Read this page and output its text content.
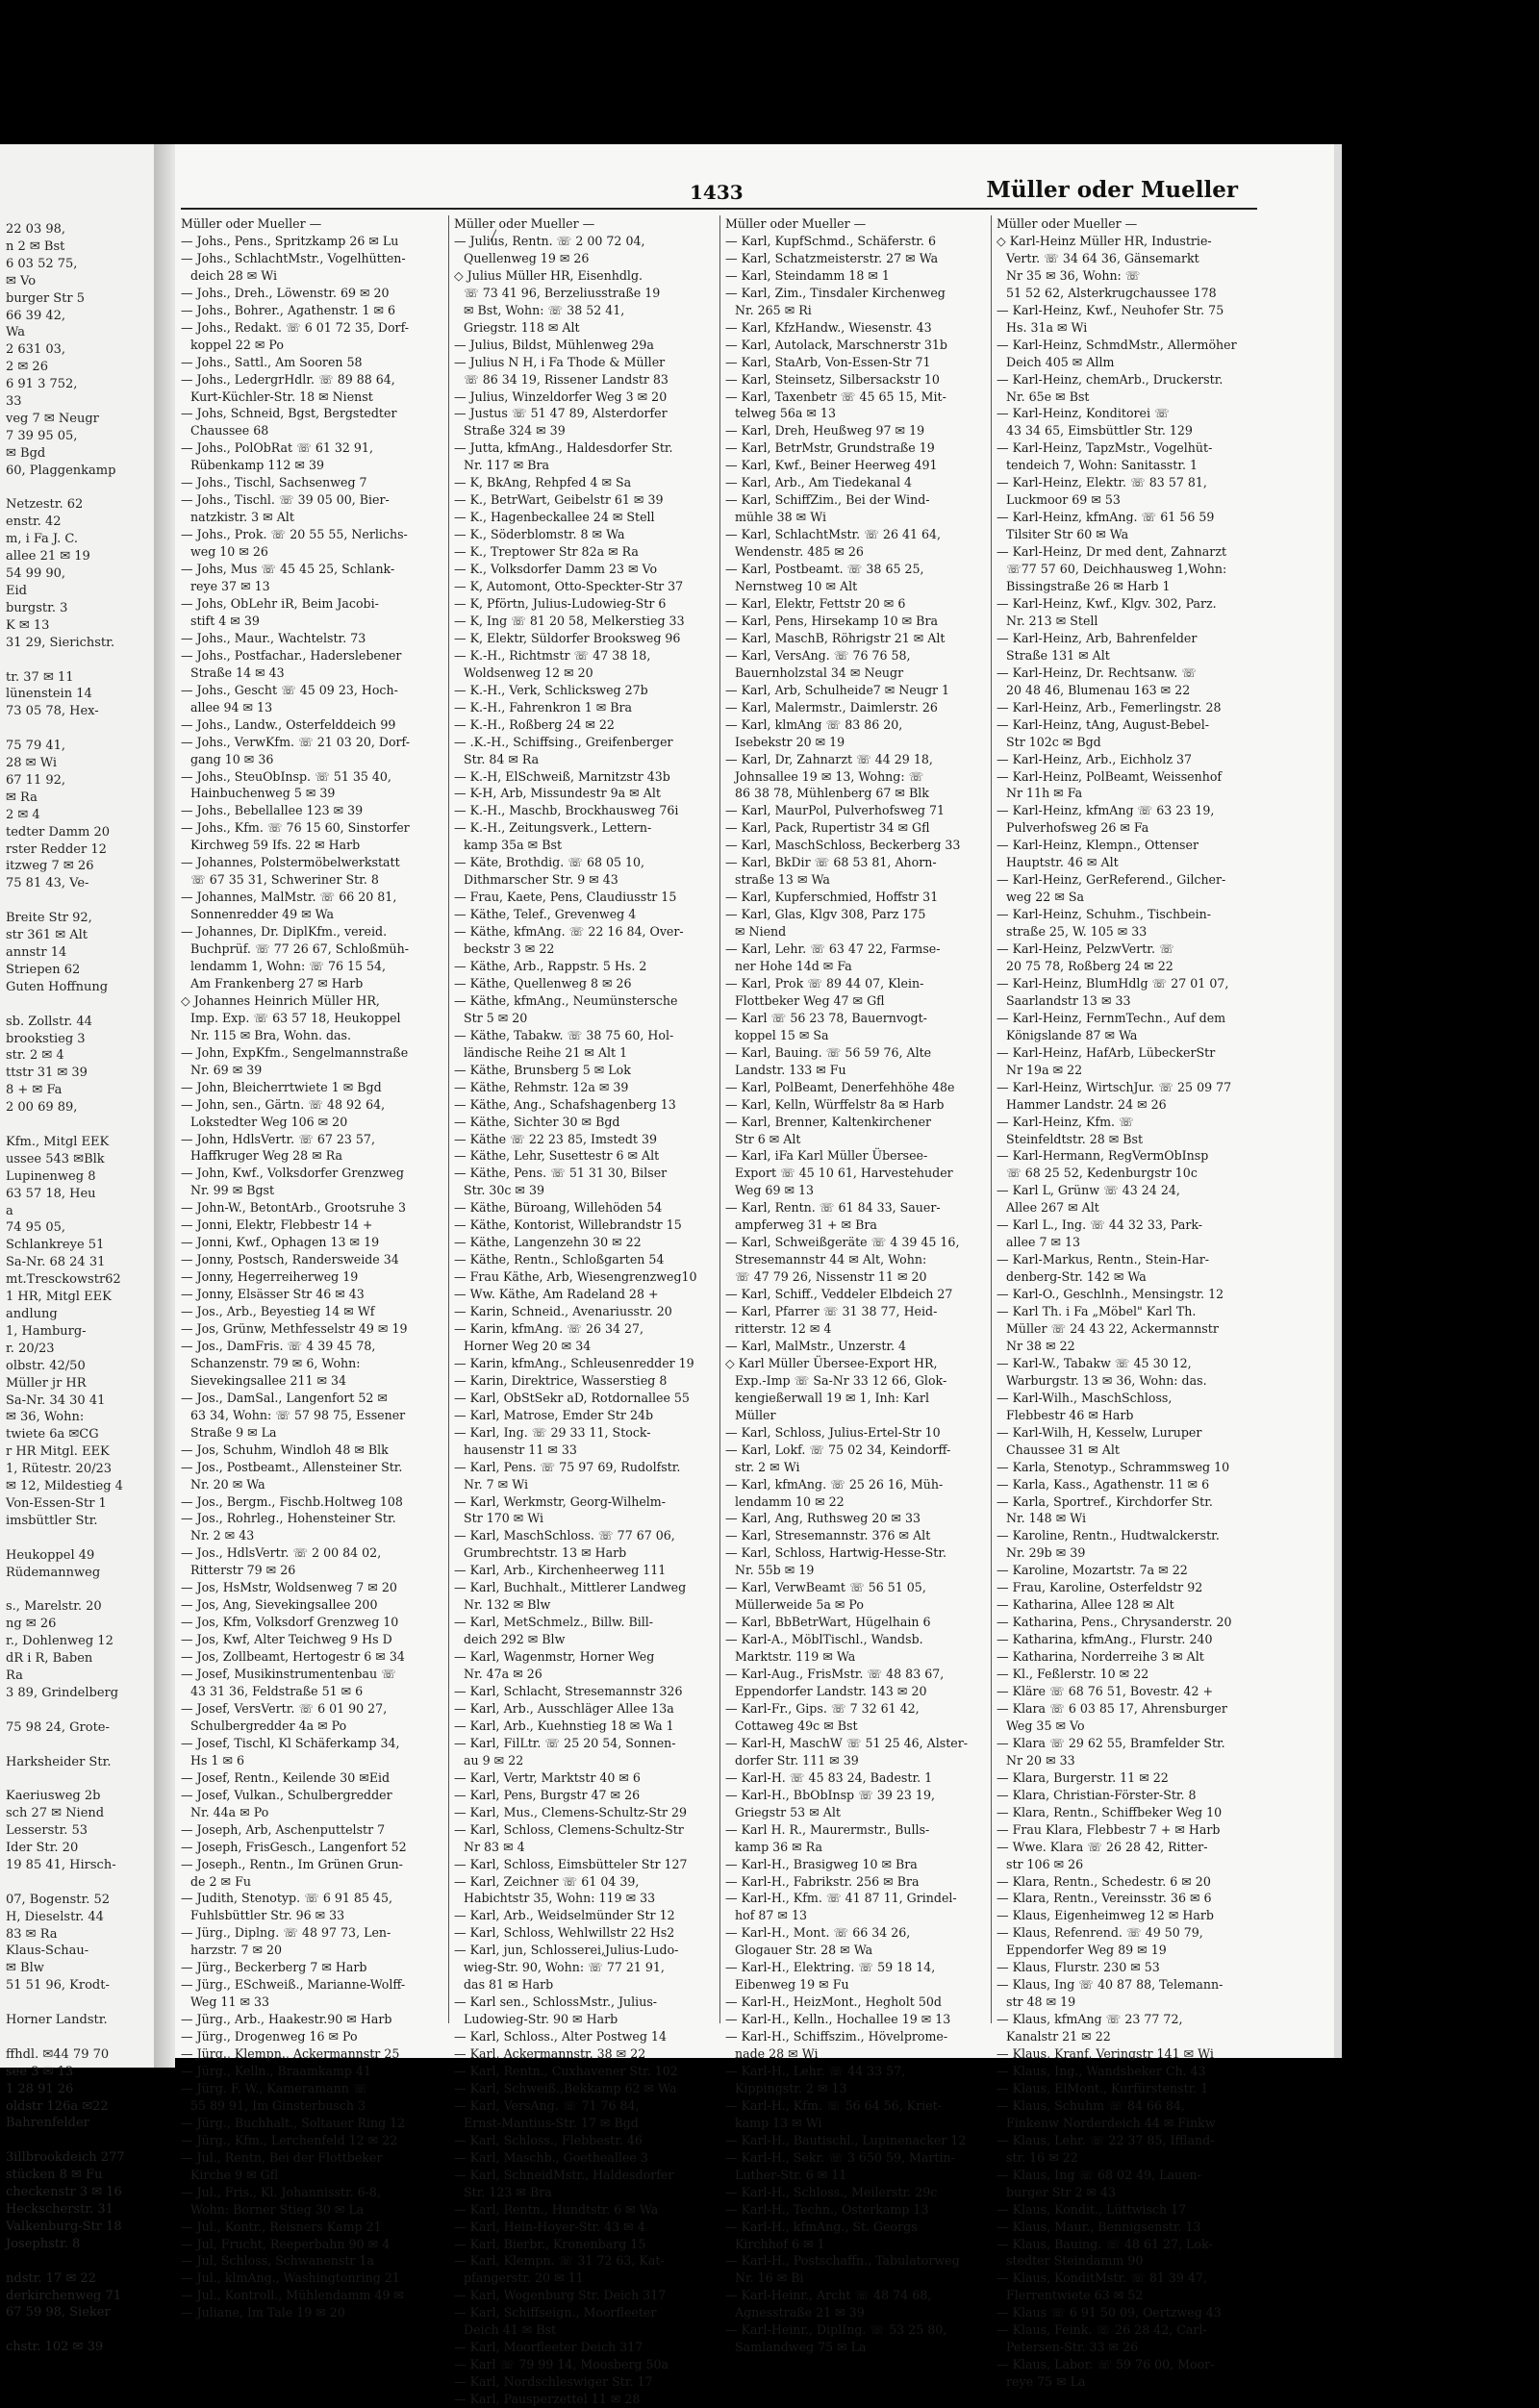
22 03 98,
n 2 ✉ Bst
6 03 52 75,
✉ Vo
burger Str 5
66 39 42,
Wa
2 631 03,
2 ✉ 26
6 91 3 752,
33
veg 7 ✉ Neugr
7 39 95 05,
✉ Bgd
60, Plaggenkamp
Netzestr. 62
enstr. 42
m, i Fa J. C.
allee 21 ✉ 19
54 99 90,
Eid
burgstr. 3
K ✉ 13
31 29, Sierichstr.
tr. 37 ✉ 11
lünenstein 14
73 05 78, Hex-
75 79 41,
28 ✉ Wi
67 11 92,
✉ Ra
2 ✉ 4
tedter Damm 20
rster Redder 12
itzweg 7 ✉ 26
75 81 43, Ve-
Breite Str 92,
str 361 ✉ Alt
annstr 14
Striepen 62
Guten Hoffnung
sb. Zollstr. 44
brookstieg 3
str. 2 ✉ 4
ttstr 31 ✉ 39
8 + ✉ Fa
2 00 69 89,
Kfm., Mitgl EEK
ussee 543 ✉Blk
Lupinenweg 8
63 57 18, Heu
a
74 95 05,
Schlankreye 51
Sa-Nr. 68 24 31
mt.Tresckowstr62
1 HR, Mitgl EEK
andlung
1, Hamburg-
r. 20/23
olbstr. 42/50
Müller jr HR
Sa-Nr. 34 30 41
✉ 36, Wohn:
twiete 6a ✉CG
r HR Mitgl. EEK
1, Rütestr. 20/23
✉ 12, Mildestieg 4
Von-Essen-Str 1
imsbüttler Str.
Heukoppel 49
Rüdemannweg
s., Marelstr. 20
ng ✉ 26
r., Dohlenweg 12
dR i R, Baben
Ra
3 89, Grindelberg
75 98 24, Grote-
Harksheider Str.
Kaeriusweg 2b
sch 27 ✉ Niend
Lesserstr. 53
Ider Str. 20
19 85 41, Hirsch-
07, Bogenstr. 52
H, Dieselstr. 44
83 ✉ Ra
Klaus-Schau-
✉ Blw
51 51 96, Krodt-
Horner Landstr.
ffhdl. ✉44 79 70
see 3 ✉ 13
1 28 91 26
oldstr 126a ✉22
Bahrenfelder
3illbrookdeich 277
stücken 8 ✉ Fu
checkenstr 3 ✉ 16
Heckscherstr. 31
Valkenburg-Str 18
Josephstr. 8
ndstr. 17 ✉ 22
derkirchenweg 71
67 59 98, Sieker
chstr. 102 ✉ 39
1433	Müller oder Mueller
Müller oder Mueller —
— Johs., Pens., Spritzkamp 26 ✉ Lu
— Johs., SchlachtMstr., Vogelhütten-
deich 28 ✉ Wi
— Johs., Dreh., Löwenstr. 69 ✉ 20
— Johs., Bohrer., Agathenstr. 1 ✉ 6
— Johs., Redakt. ☏ 6 01 72 35, Dorf-
koppel 22 ✉ Po
— Johs., Sattl., Am Sooren 58
— Johs., LedergrHdlr. ☏ 89 88 64,
Kurt-Küchler-Str. 18 ✉ Nienst
— Johs, Schneid, Bgst, Bergstedter
Chaussee 68
— Johs., PolObRat ☏ 61 32 91,
Rübenkamp 112 ✉ 39
— Johs., Tischl, Sachsenweg 7
— Johs., Tischl. ☏ 39 05 00, Bier-
natzkistr. 3 ✉ Alt
— Johs., Prok. ☏ 20 55 55, Nerlichs-
weg 10 ✉ 26
— Johs, Mus ☏ 45 45 25, Schlank-
reye 37 ✉ 13
— Johs, ObLehr iR, Beim Jacobi-
stift 4 ✉ 39
— Johs., Maur., Wachtelstr. 73
— Johs., Postfachar., Haderslebener
Straße 14 ✉ 43
— Johs., Gescht ☏ 45 09 23, Hoch-
allee 94 ✉ 13
— Johs., Landw., Osterfelddeich 99
— Johs., VerwKfm. ☏ 21 03 20, Dorf-
gang 10 ✉ 36
— Johs., SteuObInsp. ☏ 51 35 40,
Hainbuchenweg 5 ✉ 39
— Johs., Bebellallee 123 ✉ 39
— Johs., Kfm. ☏ 76 15 60, Sinstorfer
Kirchweg 59 Ifs. 22 ✉ Harb
— Johannes, Polstermöbelwerkstatt
☏ 67 35 31, Schweriner Str. 8
— Johannes, MalMstr. ☏ 66 20 81,
Sonnenredder 49 ✉ Wa
— Johannes, Dr. DiplKfm., vereid.
Buchprüf. ☏ 77 26 67, Schloßmüh-
lendamm 1, Wohn: ☏ 76 15 54,
Am Frankenberg 27 ✉ Harb
◇ Johannes Heinrich Müller HR,
Imp. Exp. ☏ 63 57 18, Heukoppel
Nr. 115 ✉ Bra, Wohn. das.
— John, ExpKfm., Sengelmannstraße
Nr. 69 ✉ 39
— John, Bleicherrtwiete 1 ✉ Bgd
— John, sen., Gärtn. ☏ 48 92 64,
Lokstedter Weg 106 ✉ 20
— John, HdlsVertr. ☏ 67 23 57,
Haffkruger Weg 28 ✉ Ra
— John, Kwf., Volksdorfer Grenzweg
Nr. 99 ✉ Bgst
— John-W., BetontArb., Grootsruhe 3
— Jonni, Elektr, Flebbestr 14 +
— Jonni, Kwf., Ophagen 13 ✉ 19
— Jonny, Postsch, Randersweide 34
— Jonny, Hegerreiherweg 19
— Jonny, Elsässer Str 46 ✉ 43
— Jos., Arb., Beyestieg 14 ✉ Wf
— Jos, Grünw, Methfesselstr 49 ✉ 19
— Jos., DamFris. ☏ 4 39 45 78,
Schanzenstr. 79 ✉ 6, Wohn:
Sievekingsallee 211 ✉ 34
— Jos., DamSal., Langenfort 52 ✉
63 34, Wohn: ☏ 57 98 75, Essener
Straße 9 ✉ La
— Jos, Schuhm, Windloh 48 ✉ Blk
— Jos., Postbeamt., Allensteiner Str.
Nr. 20 ✉ Wa
— Jos., Bergm., Fischb.Holtweg 108
— Jos., Rohrleg., Hohensteiner Str.
Nr. 2 ✉ 43
— Jos., HdlsVertr. ☏ 2 00 84 02,
Ritterstr 79 ✉ 26
— Jos, HsMstr, Woldsenweg 7 ✉ 20
— Jos, Ang, Sievekingsallee 200
— Jos, Kfm, Volksdorf Grenzweg 10
— Jos, Kwf, Alter Teichweg 9 Hs D
— Jos, Zollbeamt, Hertogestr 6 ✉ 34
— Josef, Musikinstrumentenbau ☏
43 31 36, Feldstraße 51 ✉ 6
— Josef, VersVertr. ☏ 6 01 90 27,
Schulbergredder 4a ✉ Po
— Josef, Tischl, Kl Schäferkamp 34,
Hs 1 ✉ 6
— Josef, Rentn., Keilende 30 ✉Eid
— Josef, Vulkan., Schulbergredder
Nr. 44a ✉ Po
— Joseph, Arb, Aschenputtelstr 7
— Joseph, FrisGesch., Langenfort 52
— Joseph., Rentn., Im Grünen Grun-
de 2 ✉ Fu
— Judith, Stenotyp. ☏ 6 91 85 45,
Fuhlsbüttler Str. 96 ✉ 33
— Jürg., Diplng. ☏ 48 97 73, Len-
harzstr. 7 ✉ 20
— Jürg., Beckerberg 7 ✉ Harb
— Jürg., ESchweiß., Marianne-Wolff-
Weg 11 ✉ 33
— Jürg., Arb., Haakestr.90 ✉ Harb
— Jürg., Drogenweg 16 ✉ Po
— Jürg., Klempn., Ackermannstr 25
— Jürg., Kelln., Braamkamp 41
— Jürg. F. W., Kameramann ☏
55 89 91, Im Ginsterbusch 3
— Jürg., Buchhalt., Soltauer Ring 12
— Jürg., Kfm., Lerchenfeld 12 ✉ 22
— Jul., Rentn, Bei der Flottbeker
Kirche 9 ✉ Gfl
— Jul., Fris., Kl. Johannisstr. 6-8,
Wohn: Borner Stieg 30 ✉ La
— Jul., Kontr., Reisners Kamp 21
— Jul, Frucht, Reeperbahn 90 ✉ 4
— Jul, Schloss, Schwanenstr 1a
— Jul., klmAng., Washingtonring 21
— Jul., Kontroll., Mühlendamm 49 ✉
— Juliane, Im Tale 19 ✉ 20
Müller oder Mueller —
— Julius, Rentn. ☏ 2 00 72 04,
Quellenweg 19 ✉ 26
◇ Julius Müller HR, Eisenhdlg.
☏ 73 41 96, Berzeliusstraße 19
✉ Bst, Wohn: ☏ 38 52 41,
Griegstr. 118 ✉ Alt
— Julius, Bildst, Mühlenweg 29a
— Julius N H, i Fa Thode & Müller
☏ 86 34 19, Rissener Landstr 83
— Julius, Winzeldorfer Weg 3 ✉ 20
— Justus ☏ 51 47 89, Alsterdorfer
Straße 324 ✉ 39
— Jutta, kfmAng., Haldesdorfer Str.
Nr. 117 ✉ Bra
— K, BkAng, Rehpfed 4 ✉ Sa
— K., BetrWart, Geibelstr 61 ✉ 39
— K., Hagenbeckallee 24 ✉ Stell
— K., Söderblomstr. 8 ✉ Wa
— K., Treptower Str 82a ✉ Ra
— K., Volksdorfer Damm 23 ✉ Vo
— K, Automont, Otto-Speckter-Str 37
— K, Pförtn, Julius-Ludowieg-Str 6
— K, Ing ☏ 81 20 58, Melkerstieg 33
— K, Elektr, Süldorfer Brooksweg 96
— K.-H., Richtmstr ☏ 47 38 18,
Woldsenweg 12 ✉ 20
— K.-H., Verk, Schlicksweg 27b
— K.-H., Fahrenkron 1 ✉ Bra
— K.-H., Roßberg 24 ✉ 22
— .K.-H., Schiffsing., Greifenberger
Str. 84 ✉ Ra
— K.-H, ElSchweiß, Marnitzstr 43b
— K-H, Arb, Missundestr 9a ✉ Alt
— K.-H., Maschb, Brockhausweg 76i
— K.-H., Zeitungsverk., Lettern-
kamp 35a ✉ Bst
— Käte, Brothdig. ☏ 68 05 10,
Dithmarscher Str. 9 ✉ 43
— Frau, Kaete, Pens, Claudiusstr 15
— Käthe, Telef., Grevenweg 4
— Käthe, kfmAng. ☏ 22 16 84, Over-
beckstr 3 ✉ 22
— Käthe, Arb., Rappstr. 5 Hs. 2
— Käthe, Quellenweg 8 ✉ 26
— Käthe, kfmAng., Neumünstersche
Str 5 ✉ 20
— Käthe, Tabakw. ☏ 38 75 60, Hol-
ländische Reihe 21 ✉ Alt 1
— Käthe, Brunsberg 5 ✉ Lok
— Käthe, Rehmstr. 12a ✉ 39
— Käthe, Ang., Schafshagenberg 13
— Käthe, Sichter 30 ✉ Bgd
— Käthe ☏ 22 23 85, Imstedt 39
— Käthe, Lehr, Susettestr 6 ✉ Alt
— Käthe, Pens. ☏ 51 31 30, Bilser
Str. 30c ✉ 39
— Käthe, Büroang, Willehöden 54
— Käthe, Kontorist, Willebrandstr 15
— Käthe, Langenzehn 30 ✉ 22
— Käthe, Rentn., Schloßgarten 54
— Frau Käthe, Arb, Wiesengrenzweg10
— Ww. Käthe, Am Radeland 28 +
— Karin, Schneid., Avenariusstr. 20
— Karin, kfmAng. ☏ 26 34 27,
Horner Weg 20 ✉ 34
— Karin, kfmAng., Schleusenredder 19
— Karin, Direktrice, Wasserstieg 8
— Karl, ObStSekr aD, Rotdornallee 55
— Karl, Matrose, Emder Str 24b
— Karl, Ing. ☏ 29 33 11, Stock-
hausenstr 11 ✉ 33
— Karl, Pens. ☏ 75 97 69, Rudolfstr.
Nr. 7 ✉ Wi
— Karl, Werkmstr, Georg-Wilhelm-
Str 170 ✉ Wi
— Karl, MaschSchloss. ☏ 77 67 06,
Grumbrechtstr. 13 ✉ Harb
— Karl, Arb., Kirchenheerweg 111
— Karl, Buchhalt., Mittlerer Landweg
Nr. 132 ✉ Blw
— Karl, MetSchmelz., Billw. Bill-
deich 292 ✉ Blw
— Karl, Wagenmstr, Horner Weg
Nr. 47a ✉ 26
— Karl, Schlacht, Stresemannstr 326
— Karl, Arb., Ausschläger Allee 13a
— Karl, Arb., Kuehnstieg 18 ✉ Wa 1
— Karl, FilLtr. ☏ 25 20 54, Sonnen-
au 9 ✉ 22
— Karl, Vertr, Marktstr 40 ✉ 6
— Karl, Pens, Burgstr 47 ✉ 26
— Karl, Mus., Clemens-Schultz-Str 29
— Karl, Schloss, Clemens-Schultz-Str
Nr 83 ✉ 4
— Karl, Schloss, Eimsbütteler Str 127
— Karl, Zeichner ☏ 61 04 39,
Habichtstr 35, Wohn: 119 ✉ 33
— Karl, Arb., Weidselmünder Str 12
— Karl, Schloss, Wehlwillstr 22 Hs2
— Karl, jun, Schlosserei,Julius-Ludo-
wieg-Str. 90, Wohn: ☏ 77 21 91,
das 81 ✉ Harb
— Karl sen., SchlossMstr., Julius-
Ludowieg-Str. 90 ✉ Harb
— Karl, Schloss., Alter Postweg 14
— Karl, Ackermannstr. 38 ✉ 22
— Karl, Rentn., Cuxhavener Str. 102
— Karl, Schweiß.,Bekkamp 62 ✉ Wa
— Karl, VersAng. ☏ 71 76 84,
Ernst-Mantius-Str. 17 ✉ Bgd
— Karl, Schloss., Flebbestr. 46
— Karl, Maschb., Goetheallee 3
— Karl, SchneidMstr., Haldesdorfer
Str. 123 ✉ Bra
— Karl, Rentn., Hundtstr. 6 ✉ Wa
— Karl, Hein-Hoyer-Str. 43 ✉ 4
— Karl, Bierbr., Kronenbarg 15
— Karl, Klempn. ☏ 31 72 63, Kat-
pfangerstr. 20 ✉ 11
— Karl, Wogenburg Str. Deich 317
— Karl, Schiffseign., Moorfleeter
Deich 41 ✉ Bst
— Karl, Moorfleeter Deich 317
— Karl ☏ 79 99 14, Moosberg 50a
— Karl, Nordschleswiger Str. 17
— Karl, Pausperzettel 11 ✉ 28
Müller oder Mueller —
— Karl, KupfSchmd., Schäferstr. 6
— Karl, Schatzmeisterstr. 27 ✉ Wa
— Karl, Steindamm 18 ✉ 1
— Karl, Zim., Tinsdaler Kirchenweg
Nr. 265 ✉ Ri
— Karl, KfzHandw., Wiesenstr. 43
— Karl, Autolack, Marschnerstr 31b
— Karl, StaArb, Von-Essen-Str 71
— Karl, Steinsetz, Silbersackstr 10
— Karl, Taxenbetr ☏ 45 65 15, Mit-
telweg 56a ✉ 13
— Karl, Dreh, Heußweg 97 ✉ 19
— Karl, BetrMstr, Grundstraße 19
— Karl, Kwf., Beiner Heerweg 491
— Karl, Arb., Am Tiedekanal 4
— Karl, SchiffZim., Bei der Wind-
mühle 38 ✉ Wi
— Karl, SchlachtMstr. ☏ 26 41 64,
Wendenstr. 485 ✉ 26
— Karl, Postbeamt. ☏ 38 65 25,
Nernstweg 10 ✉ Alt
— Karl, Elektr, Fettstr 20 ✉ 6
— Karl, Pens, Hirsekamp 10 ✉ Bra
— Karl, MaschB, Röhrigstr 21 ✉ Alt
— Karl, VersAng. ☏ 76 76 58,
Bauernholzstal 34 ✉ Neugr
— Karl, Arb, Schulheide7 ✉ Neugr 1
— Karl, Malermstr., Daimlerstr. 26
— Karl, klmAng ☏ 83 86 20,
Isebekstr 20 ✉ 19
— Karl, Dr, Zahnarzt ☏ 44 29 18,
Johnsallee 19 ✉ 13, Wohng: ☏
86 38 78, Mühlenberg 67 ✉ Blk
— Karl, MaurPol, Pulverhofsweg 71
— Karl, Pack, Rupertistr 34 ✉ Gfl
— Karl, MaschSchloss, Beckerberg 33
— Karl, BkDir ☏ 68 53 81, Ahorn-
straße 13 ✉ Wa
— Karl, Kupferschmied, Hoffstr 31
— Karl, Glas, Klgv 308, Parz 175
✉ Niend
— Karl, Lehr. ☏ 63 47 22, Farmse-
ner Hohe 14d ✉ Fa
— Karl, Prok ☏ 89 44 07, Klein-
Flottbeker Weg 47 ✉ Gfl
— Karl ☏ 56 23 78, Bauernvogt-
koppel 15 ✉ Sa
— Karl, Bauing. ☏ 56 59 76, Alte
Landstr. 133 ✉ Fu
— Karl, PolBeamt, Denerfehhöhe 48e
— Karl, Kelln, Würffelstr 8a ✉ Harb
— Karl, Brenner, Kaltenkirchener
Str 6 ✉ Alt
— Karl, iFa Karl Müller Übersee-
Export ☏ 45 10 61, Harvestehuder
Weg 69 ✉ 13
— Karl, Rentn. ☏ 61 84 33, Sauer-
ampferweg 31 + ✉ Bra
— Karl, Schweißgeräte ☏ 4 39 45 16,
Stresemannstr 44 ✉ Alt, Wohn:
☏ 47 79 26, Nissenstr 11 ✉ 20
— Karl, Schiff., Veddeler Elbdeich 27
— Karl, Pfarrer ☏ 31 38 77, Heid-
ritterstr. 12 ✉ 4
— Karl, MalMstr., Unzerstr. 4
◇ Karl Müller Übersee-Export HR,
Exp.-Imp ☏ Sa-Nr 33 12 66, Glok-
kengießerwall 19 ✉ 1, Inh: Karl
Müller
— Karl, Schloss, Julius-Ertel-Str 10
— Karl, Lokf. ☏ 75 02 34, Keindorff-
str. 2 ✉ Wi
— Karl, kfmAng. ☏ 25 26 16, Müh-
lendamm 10 ✉ 22
— Karl, Ang, Ruthsweg 20 ✉ 33
— Karl, Stresemannstr. 376 ✉ Alt
— Karl, Schloss, Hartwig-Hesse-Str.
Nr. 55b ✉ 19
— Karl, VerwBeamt ☏ 56 51 05,
Müllerweide 5a ✉ Po
— Karl, BbBetrWart, Hügelhain 6
— Karl-A., MöblTischl., Wandsb.
Marktstr. 119 ✉ Wa
— Karl-Aug., FrisMstr. ☏ 48 83 67,
Eppendorfer Landstr. 143 ✉ 20
— Karl-Fr., Gips. ☏ 7 32 61 42,
Cottaweg 49c ✉ Bst
— Karl-H, MaschW ☏ 51 25 46, Alster-
dorfer Str. 111 ✉ 39
— Karl-H. ☏ 45 83 24, Badestr. 1
— Karl-H., BbObInsp ☏ 39 23 19,
Griegstr 53 ✉ Alt
— Karl H. R., Maurermstr., Bulls-
kamp 36 ✉ Ra
— Karl-H., Brasigweg 10 ✉ Bra
— Karl-H., Fabrikstr. 256 ✉ Bra
— Karl-H., Kfm. ☏ 41 87 11, Grindel-
hof 87 ✉ 13
— Karl-H., Mont. ☏ 66 34 26,
Glogauer Str. 28 ✉ Wa
— Karl-H., Elektring. ☏ 59 18 14,
Eibenweg 19 ✉ Fu
— Karl-H., HeizMont., Hegholt 50d
— Karl-H., Kelln., Hochallee 19 ✉ 13
— Karl-H., Schiffszim., Hövelprome-
nade 28 ✉ Wi
— Karl-H., Lehr. ☏ 44 33 57,
Kippingstr. 2 ✉ 13
— Karl-H., Kfm. ☏ 56 64 56, Kriet-
kamp 13 ✉ Wi
— Karl-H., Bautischl., Lupinenacker 12
— Karl-H., Sekr. ☏ 3 650 59, Martin-
Luther-Str. 6 ✉ 11
— Karl-H., Schloss., Meilerstr. 29c
— Karl-H., Techn., Osterkamp 13
— Karl-H., kfmAng., St. Georgs
Kirchhof 6 ✉ 1
— Karl-H., Postschaffn., Tabulatorweg
Nr. 16 ✉ Bi
— Karl-Heinr., Archt ☏ 48 74 68,
Agnesstraße 21 ✉ 39
— Karl-Heinr., DiplIng. ☏ 53 25 80,
Samlandweg 75 ✉ La
Müller oder Mueller —
◇ Karl-Heinz Müller HR, Industrie-
Vertr. ☏ 34 64 36, Gänsemarkt
Nr 35 ✉ 36, Wohn: ☏
51 52 62, Alsterkrugchaussee 178
— Karl-Heinz, Kwf., Neuhofer Str. 75
Hs. 31a ✉ Wi
— Karl-Heinz, SchmdMstr., Allermöher
Deich 405 ✉ Allm
— Karl-Heinz, chemArb., Druckerstr.
Nr. 65e ✉ Bst
— Karl-Heinz, Konditorei ☏
43 34 65, Eimsbüttler Str. 129
— Karl-Heinz, TapzMstr., Vogelhüt-
tendeich 7, Wohn: Sanitasstr. 1
— Karl-Heinz, Elektr. ☏ 83 57 81,
Luckmoor 69 ✉ 53
— Karl-Heinz, kfmAng. ☏ 61 56 59
Tilsiter Str 60 ✉ Wa
— Karl-Heinz, Dr med dent, Zahnarzt
☏77 57 60, Deichhausweg 1,Wohn:
Bissingstraße 26 ✉ Harb 1
— Karl-Heinz, Kwf., Klgv. 302, Parz.
Nr. 213 ✉ Stell
— Karl-Heinz, Arb, Bahrenfelder
Straße 131 ✉ Alt
— Karl-Heinz, Dr. Rechtsanw. ☏
20 48 46, Blumenau 163 ✉ 22
— Karl-Heinz, Arb., Femerlingstr. 28
— Karl-Heinz, tAng, August-Bebel-
Str 102c ✉ Bgd
— Karl-Heinz, Arb., Eichholz 37
— Karl-Heinz, PolBeamt, Weissenhof
Nr 11h ✉ Fa
— Karl-Heinz, kfmAng ☏ 63 23 19,
Pulverhofsweg 26 ✉ Fa
— Karl-Heinz, Klempn., Ottenser
Hauptstr. 46 ✉ Alt
— Karl-Heinz, GerReferend., Gilcher-
weg 22 ✉ Sa
— Karl-Heinz, Schuhm., Tischbein-
straße 25, W. 105 ✉ 33
— Karl-Heinz, PelzwVertr. ☏
20 75 78, Roßberg 24 ✉ 22
— Karl-Heinz, BlumHdlg ☏ 27 01 07,
Saarlandstr 13 ✉ 33
— Karl-Heinz, FernmTechn., Auf dem
Königslande 87 ✉ Wa
— Karl-Heinz, HafArb, LübeckerStr
Nr 19a ✉ 22
— Karl-Heinz, WirtschJur. ☏ 25 09 77
Hammer Landstr. 24 ✉ 26
— Karl-Heinz, Kfm. ☏
Steinfeldtstr. 28 ✉ Bst
— Karl-Hermann, RegVermObInsp
☏ 68 25 52, Kedenburgstr 10c
— Karl L, Grünw ☏ 43 24 24,
Allee 267 ✉ Alt
— Karl L., Ing. ☏ 44 32 33, Park-
allee 7 ✉ 13
— Karl-Markus, Rentn., Stein-Har-
denberg-Str. 142 ✉ Wa
— Karl-O., Geschlnh., Mensingstr. 12
— Karl Th. i Fa „Möbel" Karl Th.
Müller ☏ 24 43 22, Ackermannstr
Nr 38 ✉ 22
— Karl-W., Tabakw ☏ 45 30 12,
Warburgstr. 13 ✉ 36, Wohn: das.
— Karl-Wilh., MaschSchloss,
Flebbestr 46 ✉ Harb
— Karl-Wilh, H, Kesselw, Luruper
Chaussee 31 ✉ Alt
— Karla, Stenotyp., Schrammsweg 10
— Karla, Kass., Agathenstr. 11 ✉ 6
— Karla, Sportref., Kirchdorfer Str.
Nr. 148 ✉ Wi
— Karoline, Rentn., Hudtwalckerstr.
Nr. 29b ✉ 39
— Karoline, Mozartstr. 7a ✉ 22
— Frau, Karoline, Osterfeldstr 92
— Katharina, Allee 128 ✉ Alt
— Katharina, Pens., Chrysanderstr. 20
— Katharina, kfmAng., Flurstr. 240
— Katharina, Norderreihe 3 ✉ Alt
— Kl., Feßlerstr. 10 ✉ 22
— Kläre ☏ 68 76 51, Bovestr. 42 +
— Klara ☏ 6 03 85 17, Ahrensburger
Weg 35 ✉ Vo
— Klara ☏ 29 62 55, Bramfelder Str.
Nr 20 ✉ 33
— Klara, Burgerstr. 11 ✉ 22
— Klara, Christian-Förster-Str. 8
— Klara, Rentn., Schiffbeker Weg 10
— Frau Klara, Flebbestr 7 + ✉ Harb
— Wwe. Klara ☏ 26 28 42, Ritter-
str 106 ✉ 26
— Klara, Rentn., Schedestr. 6 ✉ 20
— Klara, Rentn., Vereinsstr. 36 ✉ 6
— Klaus, Eigenheimweg 12 ✉ Harb
— Klaus, Refenrend. ☏ 49 50 79,
Eppendorfer Weg 89 ✉ 19
— Klaus, Flurstr. 230 ✉ 53
— Klaus, Ing ☏ 40 87 88, Telemann-
str 48 ✉ 19
— Klaus, kfmAng ☏ 23 77 72,
Kanalstr 21 ✉ 22
— Klaus, Kranf, Veringstr 141 ✉ Wi
— Klaus, Ing., Wandsbeker Ch. 43
— Klaus, ElMont., Kurfürstenstr. 1
— Klaus, Schuhm ☏ 84 66 84,
Finkenw Norderdeich 44 ✉ Finkw
— Klaus, Lehr. ☏ 22 37 85, Iffland-
str. 16 ✉ 22
— Klaus, Ing ☏ 68 02 49, Lauen-
burger Str 2 ✉ 43
— Klaus, Kondit., Lüttwisch 17
— Klaus, Maur., Bennigsenstr. 13
— Klaus, Bauing. ☏ 48 61 27, Lok-
stedter Steindamm 90
— Klaus, KonditMstr. ☏ 81 39 47,
Flerrentwiete 63 ✉ 52
— Klaus ☏ 6 91 50 09, Oertzweg 43
— Klaus, Feink. ☏ 26 28 42, Carl-
Petersen-Str. 33 ✉ 26
— Klaus, Labor. ☏ 59 76 00, Moor-
reye 75 ✉ La
